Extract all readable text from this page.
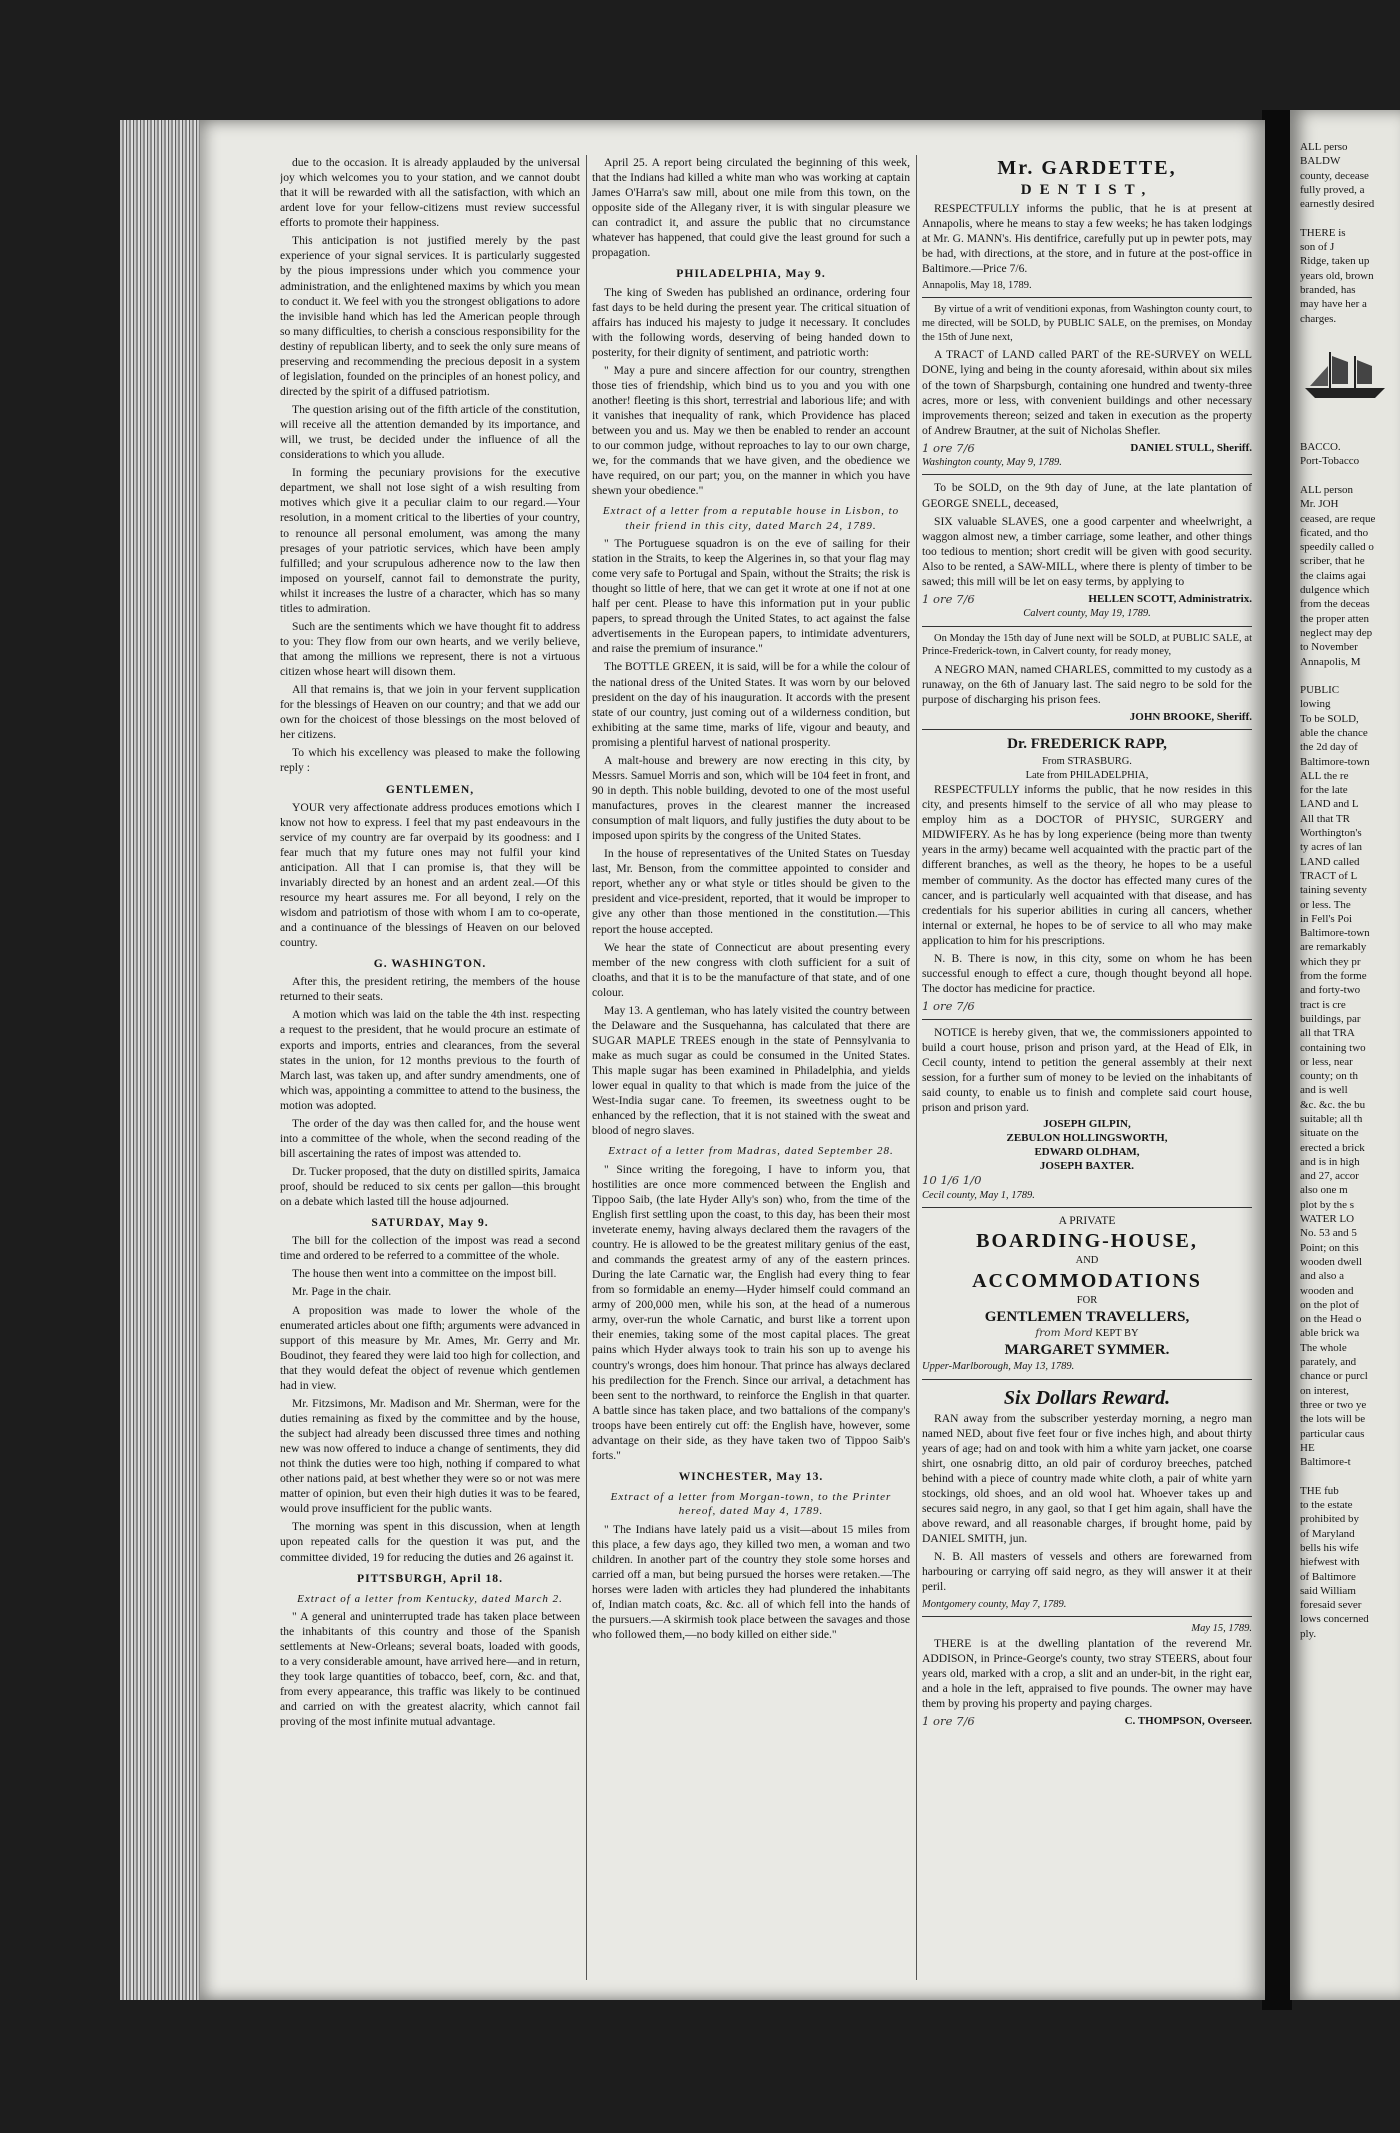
due to the occasion. It is already applauded by the universal joy which welcomes you to your station, and we cannot doubt that it will be rewarded with all the satisfaction, with which an ardent love for your fellow-citizens must review successful efforts to promote their happiness.

This anticipation is not justified merely by the past experience of your signal services. It is particularly suggested by the pious impressions under which you commence your administration, and the enlightened maxims by which you mean to conduct it. We feel with you the strongest obligations to adore the invisible hand which has led the American people through so many difficulties, to cherish a conscious responsibility for the destiny of republican liberty, and to seek the only sure means of preserving and recommending the precious deposit in a system of legislation, founded on the principles of an honest policy, and directed by the spirit of a diffused patriotism.

The question arising out of the fifth article of the constitution, will receive all the attention demanded by its importance, and will, we trust, be decided under the influence of all the considerations to which you allude.

In forming the pecuniary provisions for the executive department, we shall not lose sight of a wish resulting from motives which give it a peculiar claim to our regard.—Your resolution, in a moment critical to the liberties of your country, to renounce all personal emolument, was among the many presages of your patriotic services, which have been amply fulfilled; and your scrupulous adherence now to the law then imposed on yourself, cannot fail to demonstrate the purity, whilst it increases the lustre of a character, which has so many titles to admiration.

Such are the sentiments which we have thought fit to address to you: They flow from our own hearts, and we verily believe, that among the millions we represent, there is not a virtuous citizen whose heart will disown them.

All that remains is, that we join in your fervent supplication for the blessings of Heaven on our country; and that we add our own for the choicest of those blessings on the most beloved of her citizens.

To which his excellency was pleased to make the following reply :

GENTLEMEN,

YOUR very affectionate address produces emotions which I know not how to express. I feel that my past endeavours in the service of my country are far overpaid by its goodness: and I fear much that my future ones may not fulfil your kind anticipation. All that I can promise is, that they will be invariably directed by an honest and an ardent zeal.—Of this resource my heart assures me. For all beyond, I rely on the wisdom and patriotism of those with whom I am to co-operate, and a continuance of the blessings of Heaven on our beloved country.

G. WASHINGTON.

After this, the president retiring, the members of the house returned to their seats.

A motion which was laid on the table the 4th inst. respecting a request to the president, that he would procure an estimate of exports and imports, entries and clearances, from the several states in the union, for 12 months previous to the fourth of March last, was taken up, and after sundry amendments, one of which was, appointing a committee to attend to the business, the motion was adopted.

The order of the day was then called for, and the house went into a committee of the whole, when the second reading of the bill ascertaining the rates of impost was attended to.

Dr. Tucker proposed, that the duty on distilled spirits, Jamaica proof, should be reduced to six cents per gallon—this brought on a debate which lasted till the house adjourned.

SATURDAY, May 9.

The bill for the collection of the impost was read a second time and ordered to be referred to a committee of the whole.

The house then went into a committee on the impost bill.

Mr. Page in the chair.

A proposition was made to lower the whole of the enumerated articles about one fifth; arguments were advanced in support of this measure by Mr. Ames, Mr. Gerry and Mr. Boudinot, they feared they were laid too high for collection, and that they would defeat the object of revenue which gentlemen had in view.

Mr. Fitzsimons, Mr. Madison and Mr. Sherman, were for the duties remaining as fixed by the committee and by the house, the subject had already been discussed three times and nothing new was now offered to induce a change of sentiments, they did not think the duties were too high, nothing if compared to what other nations paid, at best whether they were so or not was mere matter of opinion, but even their high duties it was to be feared, would prove insufficient for the public wants.

The morning was spent in this discussion, when at length upon repeated calls for the question it was put, and the committee divided, 19 for reducing the duties and 26 against it.

PITTSBURGH, April 18.
Extract of a letter from Kentucky, dated March 2.

" A general and uninterrupted trade has taken place between the inhabitants of this country and those of the Spanish settlements at New-Orleans; several boats, loaded with goods, to a very considerable amount, have arrived here—and in return, they took large quantities of tobacco, beef, corn, &c. and that, from every appearance, this traffic was likely to be continued and carried on with the greatest alacrity, which cannot fail proving of the most infinite mutual advantage.

April 25. A report being circulated the beginning of this week, that the Indians had killed a white man who was working at captain James O'Harra's saw mill, about one mile from this town, on the opposite side of the Allegany river, it is with singular pleasure we can contradict it, and assure the public that no circumstance whatever has happened, that could give the least ground for such a propagation.

PHILADELPHIA, May 9.

The king of Sweden has published an ordinance, ordering four fast days to be held during the present year. The critical situation of affairs has induced his majesty to judge it necessary. It concludes with the following words, deserving of being handed down to posterity, for their dignity of sentiment, and patriotic worth:

" May a pure and sincere affection for our country, strengthen those ties of friendship, which bind us to you and you with one another! fleeting is this short, terrestrial and laborious life; and with it vanishes that inequality of rank, which Providence has placed between you and us. May we then be enabled to render an account to our common judge, without reproaches to lay to our own charge, we, for the commands that we have given, and the obedience we have required, on our part; you, on the manner in which you have shewn your obedience."

Extract of a letter from a reputable house in Lisbon, to their friend in this city, dated March 24, 1789.

" The Portuguese squadron is on the eve of sailing for their station in the Straits, to keep the Algerines in, so that your flag may come very safe to Portugal and Spain, without the Straits; the risk is thought so little of here, that we can get it wrote at one if not at one half per cent. Please to have this information put in your public papers, to spread through the United States, to act against the false advertisements in the European papers, to intimidate adventurers, and raise the premium of insurance."

The BOTTLE GREEN, it is said, will be for a while the colour of the national dress of the United States. It was worn by our beloved president on the day of his inauguration. It accords with the present state of our country, just coming out of a wilderness condition, but exhibiting at the same time, marks of life, vigour and beauty, and promising a plentiful harvest of national prosperity.

A malt-house and brewery are now erecting in this city, by Messrs. Samuel Morris and son, which will be 104 feet in front, and 90 in depth. This noble building, devoted to one of the most useful manufactures, proves in the clearest manner the increased consumption of malt liquors, and fully justifies the duty about to be imposed upon spirits by the congress of the United States.

In the house of representatives of the United States on Tuesday last, Mr. Benson, from the committee appointed to consider and report, whether any or what style or titles should be given to the president and vice-president, reported, that it would be improper to give any other than those mentioned in the constitution.—This report the house accepted.

We hear the state of Connecticut are about presenting every member of the new congress with cloth sufficient for a suit of cloaths, and that it is to be the manufacture of that state, and of one colour.

May 13. A gentleman, who has lately visited the country between the Delaware and the Susquehanna, has calculated that there are SUGAR MAPLE TREES enough in the state of Pennsylvania to make as much sugar as could be consumed in the United States. This maple sugar has been examined in Philadelphia, and yields lower equal in quality to that which is made from the juice of the West-India sugar cane. To freemen, its sweetness ought to be enhanced by the reflection, that it is not stained with the sweat and blood of negro slaves.

Extract of a letter from Madras, dated September 28.

" Since writing the foregoing, I have to inform you, that hostilities are once more commenced between the English and Tippoo Saib, (the late Hyder Ally's son) who, from the time of the English first settling upon the coast, to this day, has been their most inveterate enemy, having always declared them the ravagers of the country. He is allowed to be the greatest military genius of the east, and commands the greatest army of any of the eastern princes. During the late Carnatic war, the English had every thing to fear from so formidable an enemy—Hyder himself could command an army of 200,000 men, while his son, at the head of a numerous army, over-run the whole Carnatic, and burst like a torrent upon their enemies, taking some of the most capital places. The great pains which Hyder always took to train his son up to avenge his country's wrongs, does him honour. That prince has always declared his predilection for the French. Since our arrival, a detachment has been sent to the northward, to reinforce the English in that quarter. A battle since has taken place, and two battalions of the company's troops have been entirely cut off: the English have, however, some advantage on their side, as they have taken two of Tippoo Saib's forts."

WINCHESTER, May 13.
Extract of a letter from Morgan-town, to the Printer hereof, dated May 4, 1789.

" The Indians have lately paid us a visit—about 15 miles from this place, a few days ago, they killed two men, a woman and two children. In another part of the country they stole some horses and carried off a man, but being pursued the horses were retaken.—The horses were laden with articles they had plundered the inhabitants of, Indian match coats, &c. &c. all of which fell into the hands of the pursuers.—A skirmish took place between the savages and those who followed them,—no body killed on either side."

Mr. GARDETTE,
DENTIST,

RESPECTFULLY informs the public, that he is at present at Annapolis, where he means to stay a few weeks; he has taken lodgings at Mr. G. MANN's. His dentifrice, carefully put up in pewter pots, may be had, with directions, at the store, and in future at the post-office in Baltimore.—Price 7/6.

Annapolis, May 18, 1789.

By virtue of a writ of venditioni exponas, from Washington county court, to me directed, will be SOLD, by PUBLIC SALE, on the premises, on Monday the 15th of June next,

A TRACT of LAND called PART of the RE-SURVEY on WELL DONE, lying and being in the county aforesaid, within about six miles of the town of Sharpsburgh, containing one hundred and twenty-three acres, more or less, with convenient buildings and other necessary improvements thereon; seized and taken in execution as the property of Andrew Brautner, at the suit of Nicholas Shefler.

1 ore 7/6	DANIEL STULL, Sheriff.
Washington county, May 9, 1789.

To be SOLD, on the 9th day of June, at the late plantation of GEORGE SNELL, deceased,

SIX valuable SLAVES, one a good carpenter and wheelwright, a waggon almost new, a timber carriage, some leather, and other things too tedious to mention; short credit will be given with good security. Also to be rented, a SAW-MILL, where there is plenty of timber to be sawed; this mill will be let on easy terms, by applying to

1 ore 7/6	HELLEN SCOTT, Administratrix.
Calvert county, May 19, 1789.

On Monday the 15th day of June next will be SOLD, at PUBLIC SALE, at Prince-Frederick-town, in Calvert county, for ready money,

A NEGRO MAN, named CHARLES, committed to my custody as a runaway, on the 6th of January last. The said negro to be sold for the purpose of discharging his prison fees.

JOHN BROOKE, Sheriff.
Dr. FREDERICK RAPP,
From STRASBURG.
Late from PHILADELPHIA,

RESPECTFULLY informs the public, that he now resides in this city, and presents himself to the service of all who may please to employ him as a DOCTOR of PHYSIC, SURGERY and MIDWIFERY. As he has by long experience (being more than twenty years in the army) became well acquainted with the practic part of the different branches, as well as the theory, he hopes to be a useful member of community. As the doctor has effected many cures of the cancer, and is particularly well acquainted with that disease, and has credentials for his superior abilities in curing all cancers, whether internal or external, he hopes to be of service to all who may make application to him for his prescriptions.

N. B. There is now, in this city, some on whom he has been successful enough to effect a cure, though thought beyond all hope. The doctor has medicine for practice.

1 ore 7/6

NOTICE is hereby given, that we, the commissioners appointed to build a court house, prison and prison yard, at the Head of Elk, in Cecil county, intend to petition the general assembly at their next session, for a further sum of money to be levied on the inhabitants of said county, to enable us to finish and complete said court house, prison and prison yard.

JOSEPH GILPIN,
ZEBULON HOLLINGSWORTH,
EDWARD OLDHAM,
JOSEPH BAXTER.
10 1/6 1/0
Cecil county, May 1, 1789.
A PRIVATE
BOARDING-HOUSE,
AND
ACCOMMODATIONS
FOR
GENTLEMEN TRAVELLERS,
from Mord KEPT BY
MARGARET SYMMER.
Upper-Marlborough, May 13, 1789.
Six Dollars Reward.

RAN away from the subscriber yesterday morning, a negro man named NED, about five feet four or five inches high, and about thirty years of age; had on and took with him a white yarn jacket, one coarse shirt, one osnabrig ditto, an old pair of corduroy breeches, patched behind with a piece of country made white cloth, a pair of white yarn stockings, old shoes, and an old wool hat. Whoever takes up and secures said negro, in any gaol, so that I get him again, shall have the above reward, and all reasonable charges, if brought home, paid by DANIEL SMITH, jun.

N. B. All masters of vessels and others are forewarned from harbouring or carrying off said negro, as they will answer it at their peril.

Montgomery county, May 7, 1789.
May 15, 1789.

THERE is at the dwelling plantation of the reverend Mr. ADDISON, in Prince-George's county, two stray STEERS, about four years old, marked with a crop, a slit and an under-bit, in the right ear, and a hole in the left, appraised to five pounds. The owner may have them by proving his property and paying charges.

1 ore 7/6	C. THOMPSON, Overseer.
ALL perso
BALDW
county, decease
fully proved, a
earnestly desired

THERE is
son of J
Ridge, taken up
years old, brown
branded, has
may have her a
charges.

BACCO.
Port-Tobacco

ALL person
Mr. JOH
ceased, are reque
ficated, and tho
speedily called o
scriber, that he
the claims agai
dulgence which
from the deceas
the proper atten
neglect may dep
to November
Annapolis, M

PUBLIC
lowing
To be SOLD,
able the chance
the 2d day of
Baltimore-town
ALL the re
for the late
LAND and L
All that TR
Worthington's
ty acres of lan
LAND called
TRACT of L
taining seventy
or less. The
in Fell's Poi
Baltimore-town
are remarkably
which they pr
from the forme
and forty-two
tract is cre
buildings, par
all that TRA
containing two
or less, near
county; on th
and is well
&c. &c. the bu
suitable; all th
situate on the
erected a brick
and is in high
and 27, accor
also one m
plot by the s
WATER LO
No. 53 and 5
Point; on this
wooden dwell
and also a
wooden and
on the plot of
on the Head o
able brick wa
The whole
parately, and
chance or purcl
on interest,
three or two ye
the lots will be
particular caus
HE
Baltimore-t

THE fub
to the estate
prohibited by
of Maryland
bells his wife
hiefwest with
of Baltimore
said William
foresaid sever
lows concerned
ply.
